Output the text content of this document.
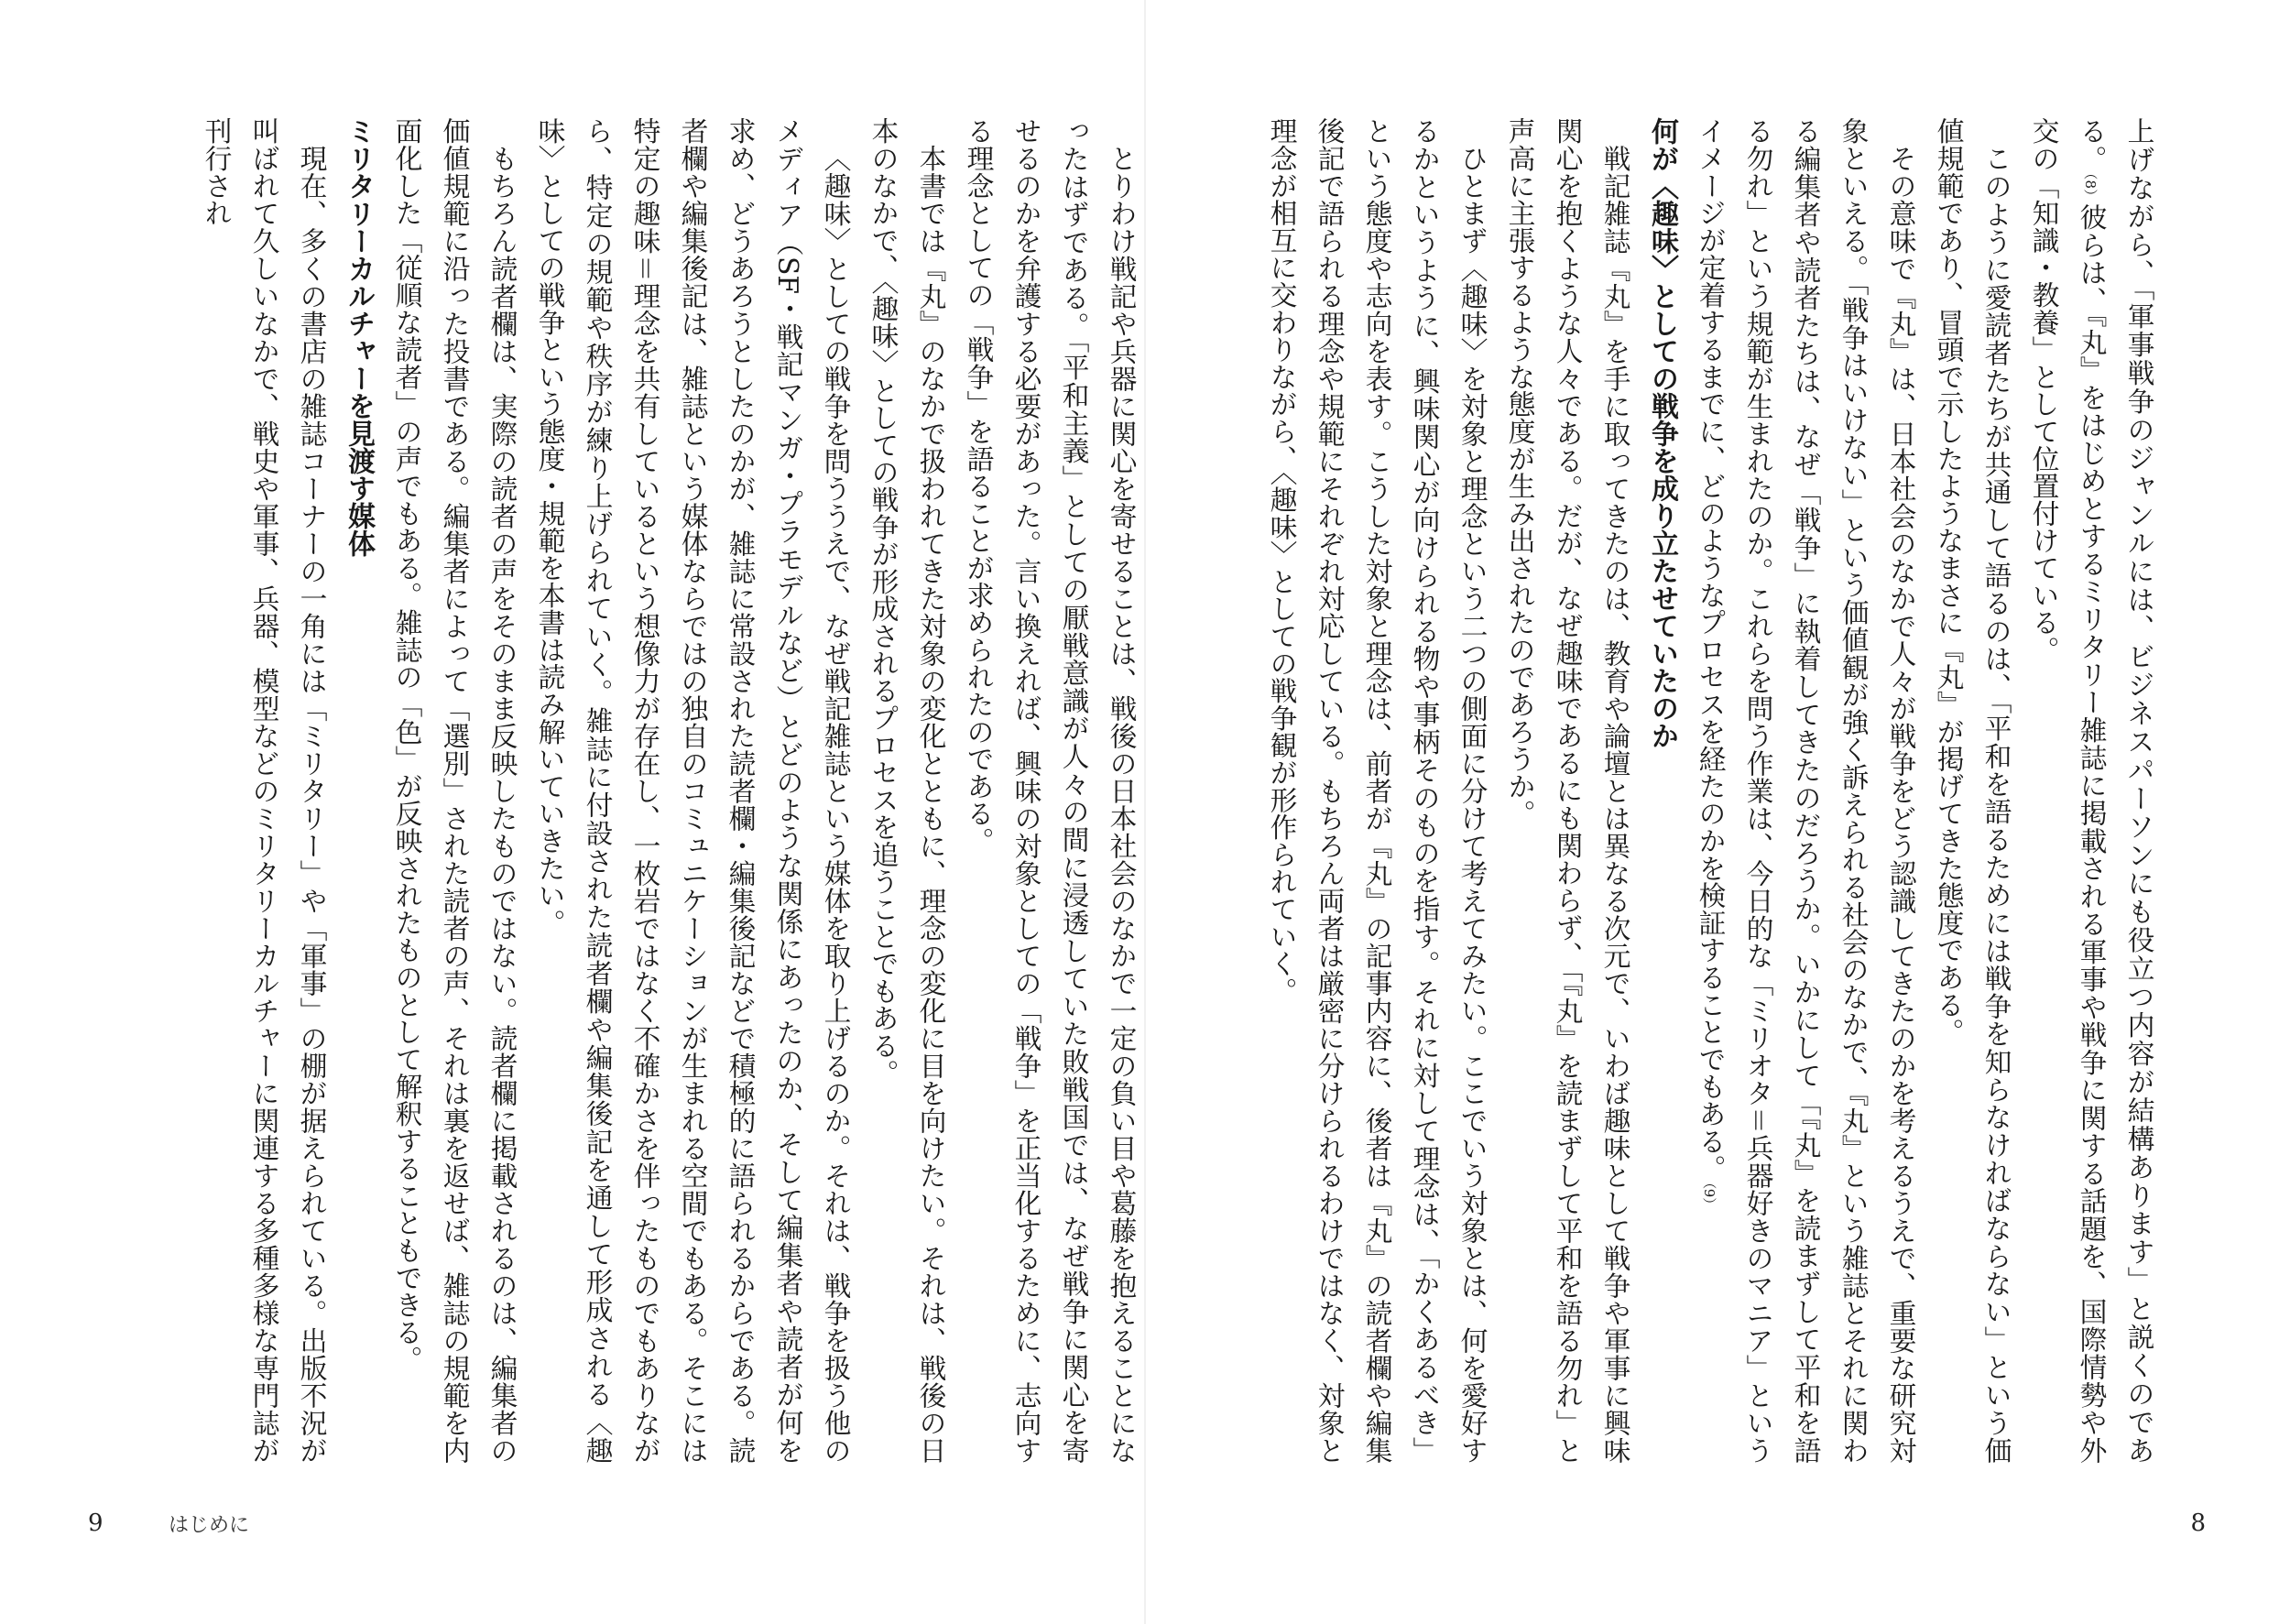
とりわけ戦記や兵器に関心を寄せることは、戦後の日本社会のなかで一定の負い目や葛藤を抱えることになったはずである。「平和主義」としての厭戦意識が人々の間に浸透していた敗戦国では、なぜ戦争に関心を寄せるのかを弁護する必要があった。言い換えれば、興味の対象としての「戦争」を正当化するために、志向する理念としての「戦争」を語ることが求められたのである。

本書では『丸』のなかで扱われてきた対象の変化とともに、理念の変化に目を向けたい。それは、戦後の日本のなかで、〈趣味〉としての戦争が形成されるプロセスを追うことでもある。

〈趣味〉としての戦争を問ううえで、なぜ戦記雑誌という媒体を取り上げるのか。それは、戦争を扱う他のメディア（SF・戦記マンガ・プラモデルなど）とどのような関係にあったのか、そして編集者や読者が何を求め、どうあろうとしたのかが、雑誌に常設された読者欄・編集後記などで積極的に語られるからである。読者欄や編集後記は、雑誌という媒体ならではの独自のコミュニケーションが生まれる空間でもある。そこには特定の趣味＝理念を共有しているという想像力が存在し、一枚岩ではなく不確かさを伴ったものでもありながら、特定の規範や秩序が練り上げられていく。雑誌に付設された読者欄や編集後記を通して形成される〈趣味〉としての戦争という態度・規範を本書は読み解いていきたい。

もちろん読者欄は、実際の読者の声をそのまま反映したものではない。読者欄に掲載されるのは、編集者の価値規範に沿った投書である。編集者によって「選別」された読者の声、それは裏を返せば、雑誌の規範を内面化した「従順な読者」の声でもある。雑誌の「色」が反映されたものとして解釈することもできる。

ミリタリーカルチャーを見渡す媒体

現在、多くの書店の雑誌コーナーの一角には「ミリタリー」や「軍事」の棚が据えられている。出版不況が叫ばれて久しいなかで、戦史や軍事、兵器、模型などのミリタリーカルチャーに関連する多種多様な専門誌が刊行され

9	はじめに

上げながら、「軍事戦争のジャンルには、ビジネスパーソンにも役立つ内容が結構あります」と説くのである。（8）彼らは、『丸』をはじめとするミリタリー雑誌に掲載される軍事や戦争に関する話題を、国際情勢や外交の「知識・教養」として位置付けている。

このように愛読者たちが共通して語るのは、「平和を語るためには戦争を知らなければならない」という価値規範であり、冒頭で示したようなまさに『丸』が掲げてきた態度である。

その意味で『丸』は、日本社会のなかで人々が戦争をどう認識してきたのかを考えるうえで、重要な研究対象といえる。「戦争はいけない」という価値観が強く訴えられる社会のなかで、『丸』という雑誌とそれに関わる編集者や読者たちは、なぜ「戦争」に執着してきたのだろうか。いかにして「『丸』を読まずして平和を語る勿れ」という規範が生まれたのか。これらを問う作業は、今日的な「ミリオタ＝兵器好きのマニア」というイメージが定着するまでに、どのようなプロセスを経たのかを検証することでもある。（9）

何が〈趣味〉としての戦争を成り立たせていたのか

戦記雑誌『丸』を手に取ってきたのは、教育や論壇とは異なる次元で、いわば趣味として戦争や軍事に興味関心を抱くような人々である。だが、なぜ趣味であるにも関わらず、「『丸』を読まずして平和を語る勿れ」と声高に主張するような態度が生み出されたのであろうか。

ひとまず〈趣味〉を対象と理念という二つの側面に分けて考えてみたい。ここでいう対象とは、何を愛好するかというように、興味関心が向けられる物や事柄そのものを指す。それに対して理念は、「かくあるべき」という態度や志向を表す。こうした対象と理念は、前者が『丸』の記事内容に、後者は『丸』の読者欄や編集後記で語られる理念や規範にそれぞれ対応している。もちろん両者は厳密に分けられるわけではなく、対象と理念が相互に交わりながら、〈趣味〉としての戦争観が形作られていく。

8
